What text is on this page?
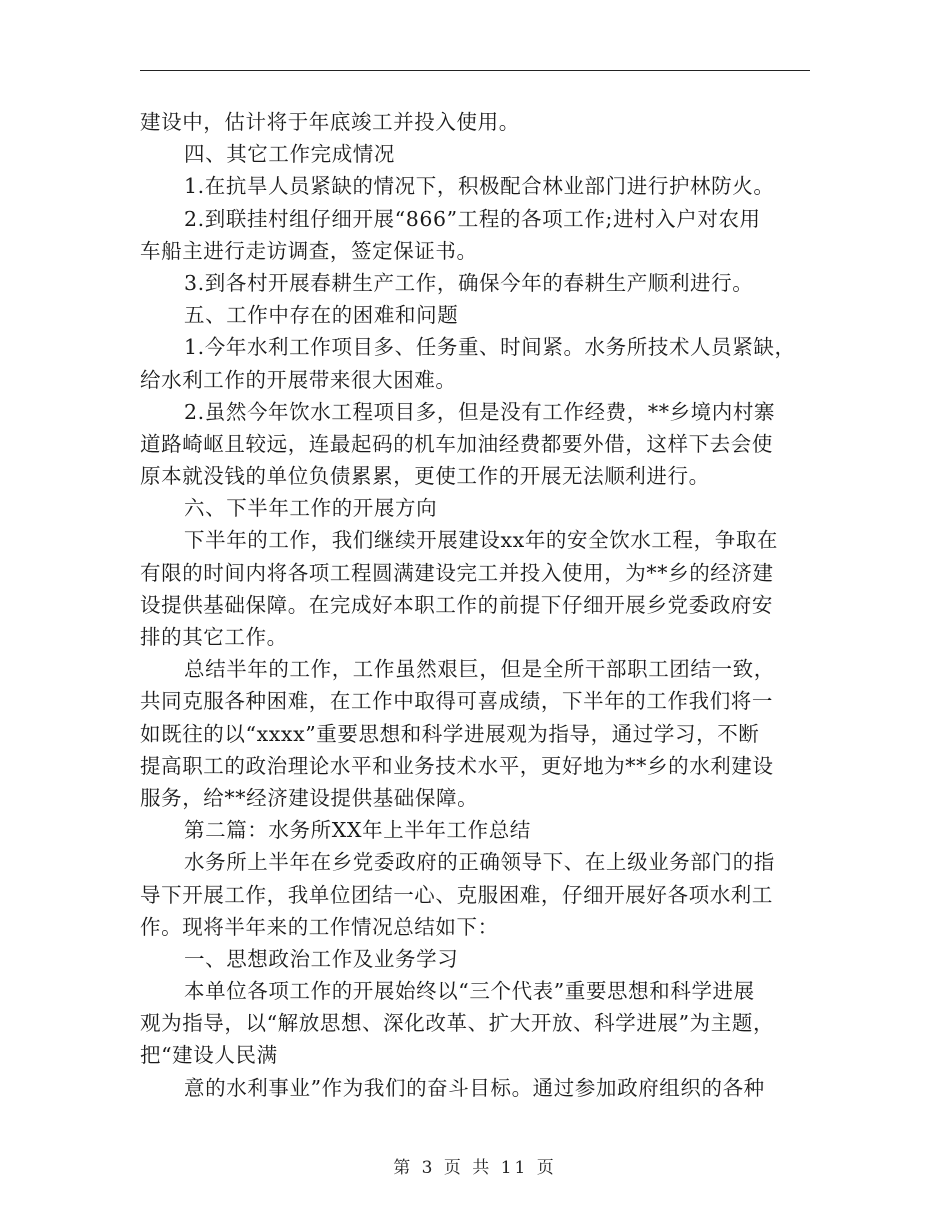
建设中，估计将于年底竣工并投入使用。
四、其它工作完成情况
1.在抗旱人员紧缺的情况下，积极配合林业部门进行护林防火。
2.到联挂村组仔细开展“866”工程的各项工作;进村入户对农用
车船主进行走访调查，签定保证书。
3.到各村开展春耕生产工作，确保今年的春耕生产顺利进行。
五、工作中存在的困难和问题
1.今年水利工作项目多、任务重、时间紧。水务所技术人员紧缺，
给水利工作的开展带来很大困难。
2.虽然今年饮水工程项目多，但是没有工作经费，**乡境内村寨
道路崎岖且较远，连最起码的机车加油经费都要外借，这样下去会使
原本就没钱的单位负债累累，更使工作的开展无法顺利进行。
六、下半年工作的开展方向
下半年的工作，我们继续开展建设xx年的安全饮水工程，争取在
有限的时间内将各项工程圆满建设完工并投入使用，为**乡的经济建
设提供基础保障。在完成好本职工作的前提下仔细开展乡党委政府安
排的其它工作。
总结半年的工作，工作虽然艰巨，但是全所干部职工团结一致，
共同克服各种困难，在工作中取得可喜成绩，下半年的工作我们将一
如既往的以“xxxx”重要思想和科学进展观为指导，通过学习，不断
提高职工的政治理论水平和业务技术水平，更好地为**乡的水利建设
服务，给**经济建设提供基础保障。
第二篇：水务所XX年上半年工作总结
水务所上半年在乡党委政府的正确领导下、在上级业务部门的指
导下开展工作，我单位团结一心、克服困难，仔细开展好各项水利工
作。现将半年来的工作情况总结如下：
一、思想政治工作及业务学习
本单位各项工作的开展始终以“三个代表”重要思想和科学进展
观为指导，以“解放思想、深化改革、扩大开放、科学进展”为主题，
把“建设人民满
意的水利事业”作为我们的奋斗目标。通过参加政府组织的各种
第 3 页 共 11 页
